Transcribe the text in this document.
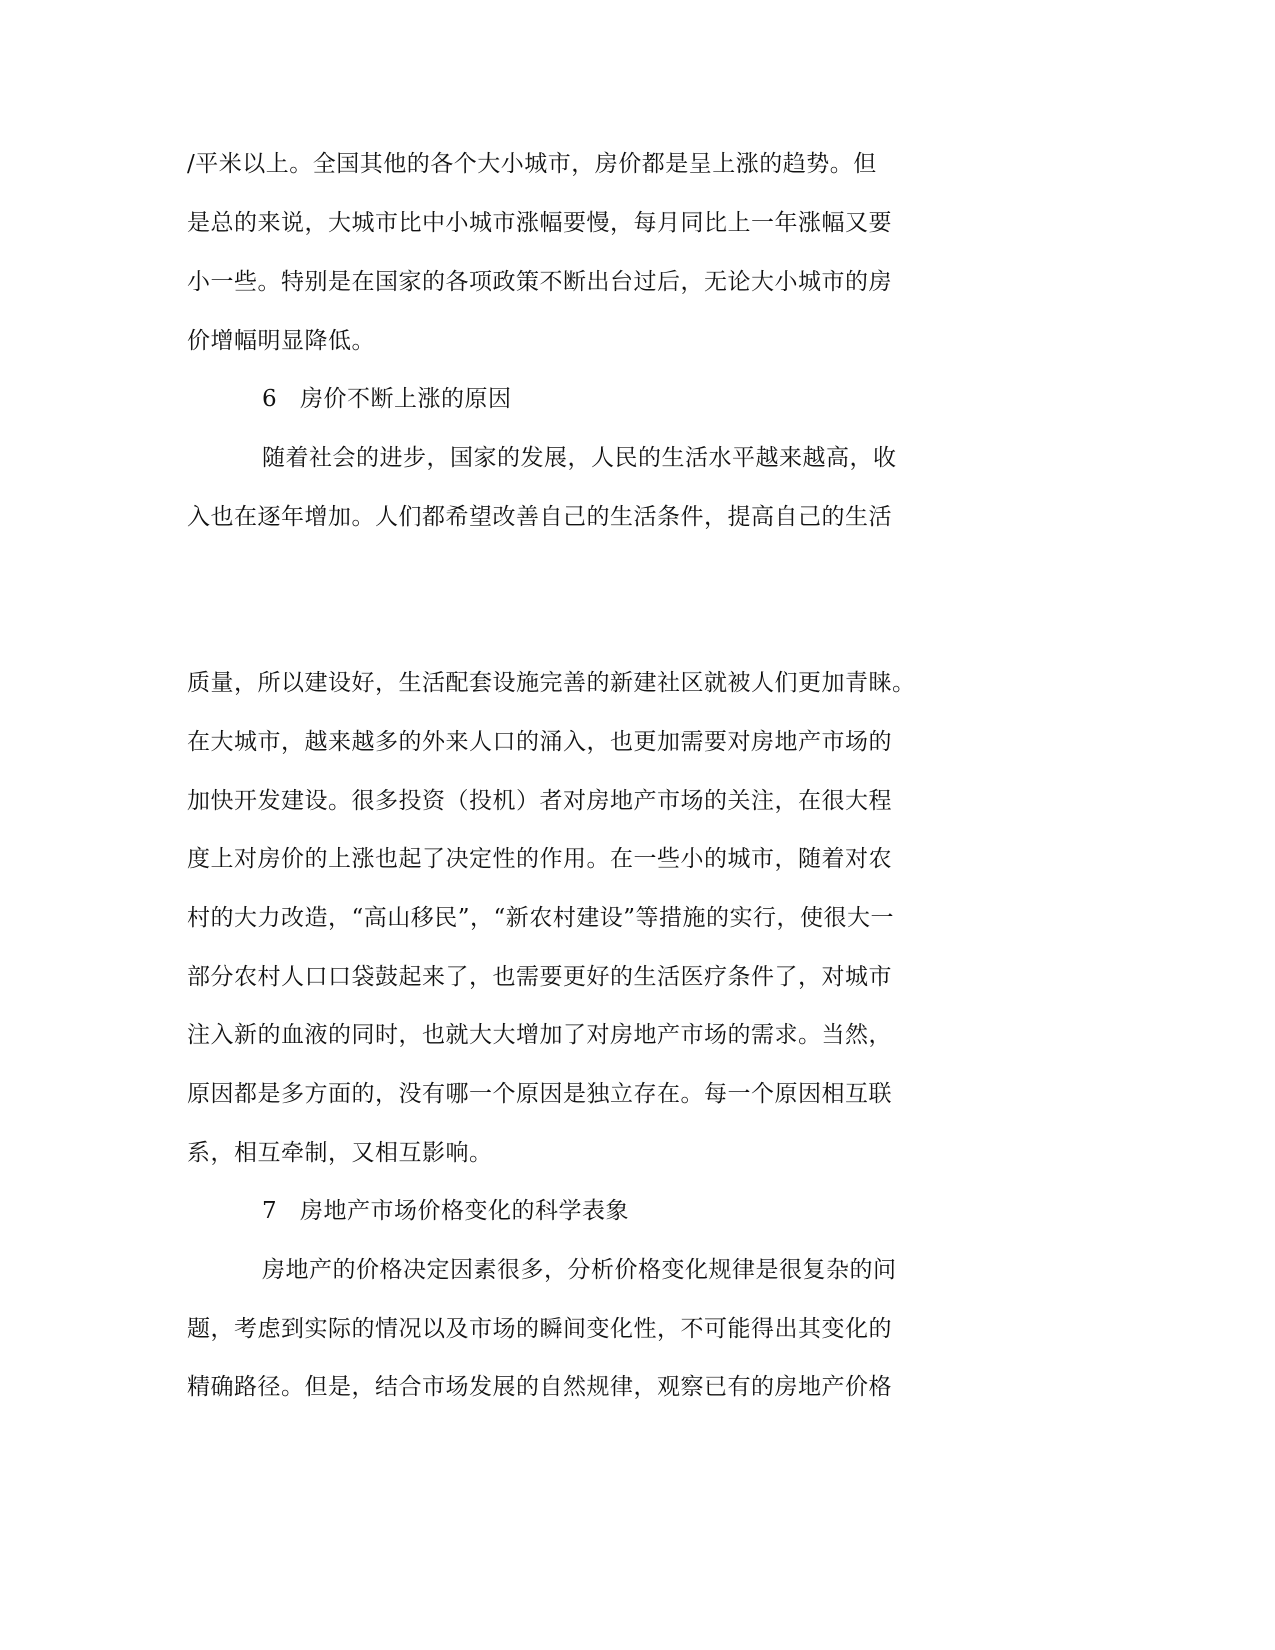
/平米以上。全国其他的各个大小城市，房价都是呈上涨的趋势。但
是总的来说，大城市比中小城市涨幅要慢，每月同比上一年涨幅又要
小一些。特别是在国家的各项政策不断出台过后，无论大小城市的房
价增幅明显降低。
6 房价不断上涨的原因
随着社会的进步，国家的发展，人民的生活水平越来越高，收
入也在逐年增加。人们都希望改善自己的生活条件，提高自己的生活
质量，所以建设好，生活配套设施完善的新建社区就被人们更加青睐。
在大城市，越来越多的外来人口的涌入，也更加需要对房地产市场的
加快开发建设。很多投资（投机）者对房地产市场的关注，在很大程
度上对房价的上涨也起了决定性的作用。在一些小的城市，随着对农
村的大力改造，“高山移民”，“新农村建设”等措施的实行，使很大一
部分农村人口口袋鼓起来了，也需要更好的生活医疗条件了，对城市
注入新的血液的同时，也就大大增加了对房地产市场的需求。当然，
原因都是多方面的，没有哪一个原因是独立存在。每一个原因相互联
系，相互牵制，又相互影响。
7 房地产市场价格变化的科学表象
房地产的价格决定因素很多，分析价格变化规律是很复杂的问
题，考虑到实际的情况以及市场的瞬间变化性，不可能得出其变化的
精确路径。但是，结合市场发展的自然规律，观察已有的房地产价格
